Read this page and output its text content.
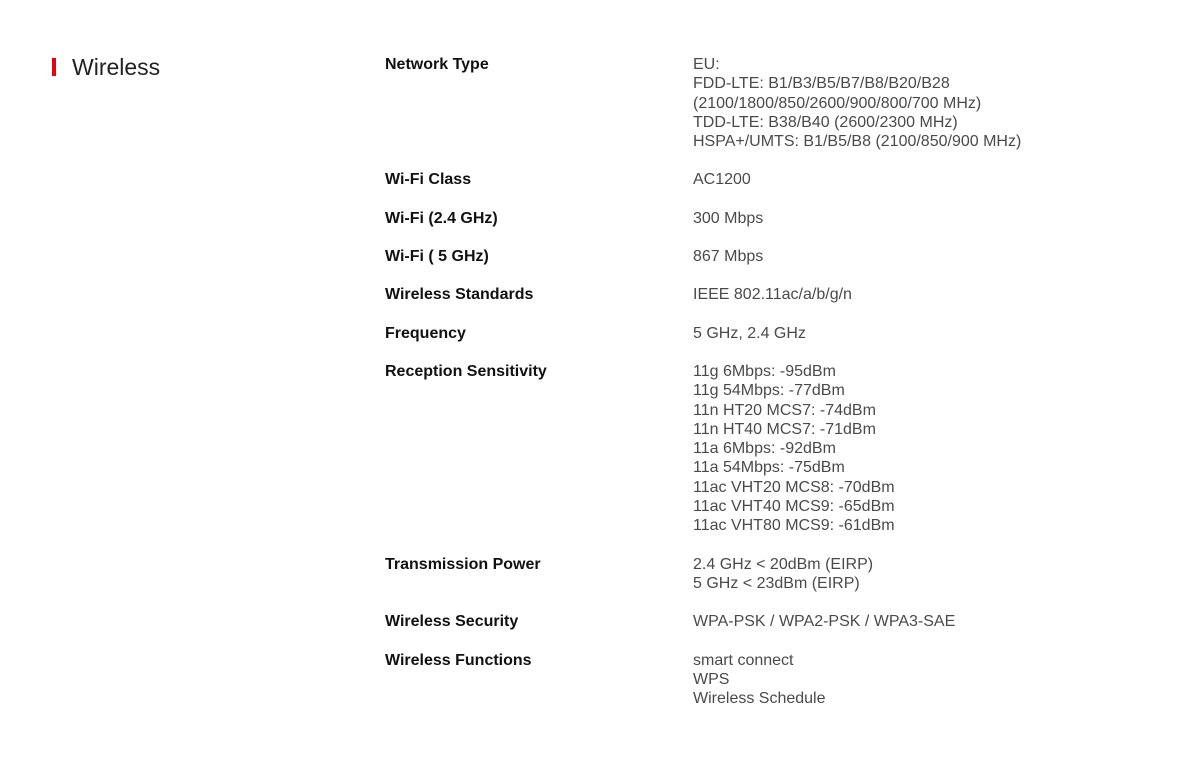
Wireless	Network Type	EU:
FDD-LTE: B1/B3/B5/B7/B8/B20/B28
(2100/1800/850/2600/900/800/700 MHz)
TDD-LTE: B38/B40 (2600/2300 MHz)
HSPA+/UMTS: B1/B5/B8 (2100/850/900 MHz)
Wi-Fi Class	AC1200
Wi-Fi (2.4 GHz)	300 Mbps
Wi-Fi ( 5 GHz)	867 Mbps
Wireless Standards	IEEE 802.11ac/a/b/g/n
Frequency	5 GHz, 2.4 GHz
Reception Sensitivity	11g 6Mbps: -95dBm
11g 54Mbps: -77dBm
11n HT20 MCS7: -74dBm
11n HT40 MCS7: -71dBm
11a 6Mbps: -92dBm
11a 54Mbps: -75dBm
11ac VHT20 MCS8: -70dBm
11ac VHT40 MCS9: -65dBm
11ac VHT80 MCS9: -61dBm
Transmission Power	2.4 GHz < 20dBm (EIRP)
5 GHz < 23dBm (EIRP)
Wireless Security	WPA-PSK / WPA2-PSK / WPA3-SAE
Wireless Functions	smart connect
WPS
Wireless Schedule
